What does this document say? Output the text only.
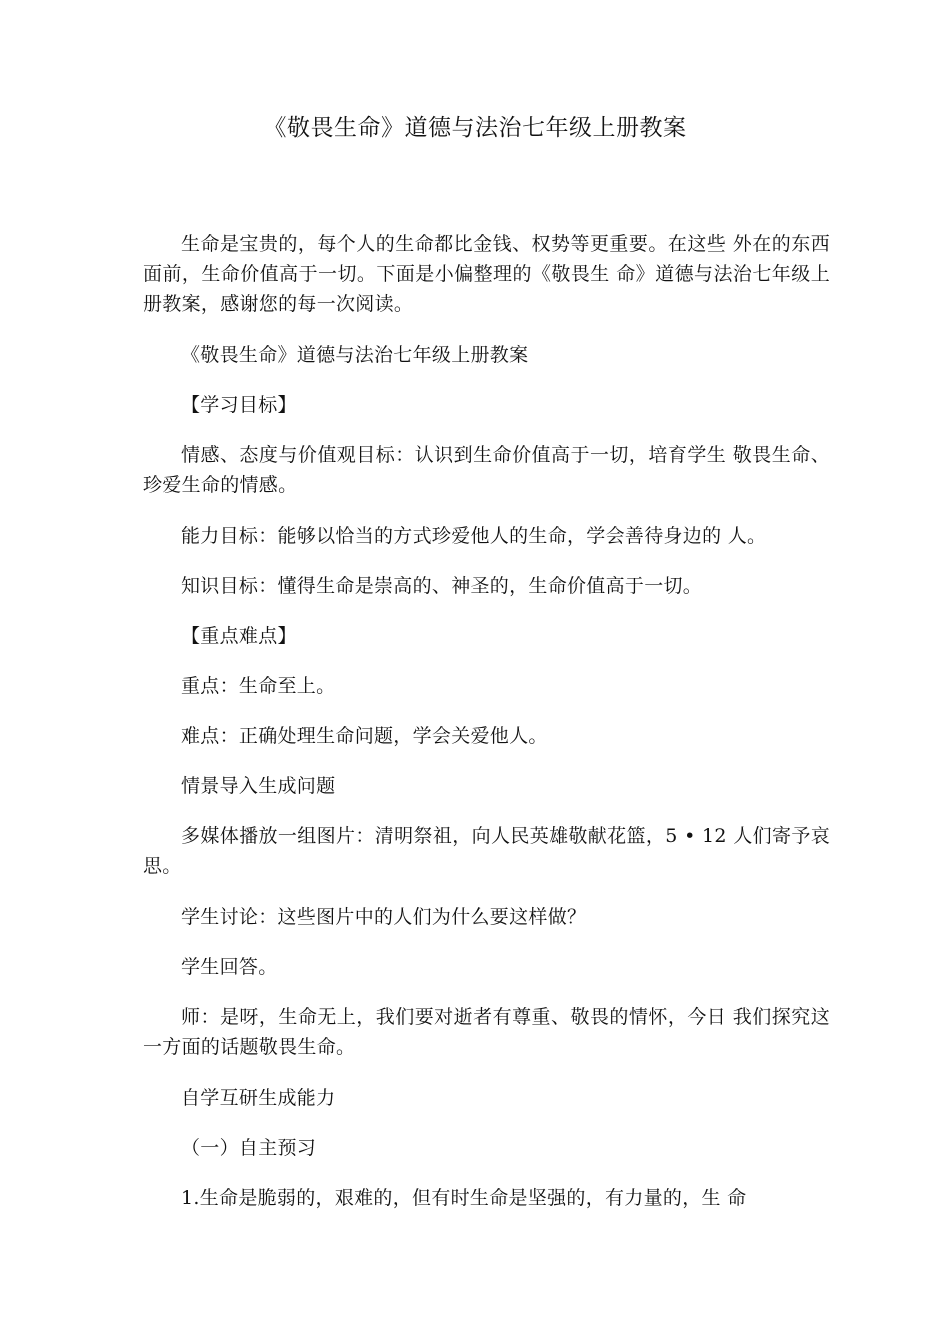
《敬畏生命》道德与法治七年级上册教案

生命是宝贵的，每个人的生命都比金钱、权势等更重要。在这些 外在的东西面前，生命价值高于一切。下面是小偏整理的《敬畏生 命》道德与法治七年级上册教案，感谢您的每一次阅读。

《敬畏生命》道德与法治七年级上册教案

【学习目标】

情感、态度与价值观目标：认识到生命价值高于一切，培育学生 敬畏生命、珍爱生命的情感。

能力目标：能够以恰当的方式珍爱他人的生命，学会善待身边的 人。

知识目标：懂得生命是崇高的、神圣的，生命价值高于一切。

【重点难点】

重点：生命至上。

难点：正确处理生命问题，学会关爱他人。

情景导入生成问题

多媒体播放一组图片：清明祭祖，向人民英雄敬献花篮，5 • 12 人们寄予哀思。

学生讨论：这些图片中的人们为什么要这样做？

学生回答。

师：是呀，生命无上，我们要对逝者有尊重、敬畏的情怀，今日 我们探究这一方面的话题敬畏生命。

自学互研生成能力

（一）自主预习

1.生命是脆弱的，艰难的，但有时生命是坚强的，有力量的，生 命
